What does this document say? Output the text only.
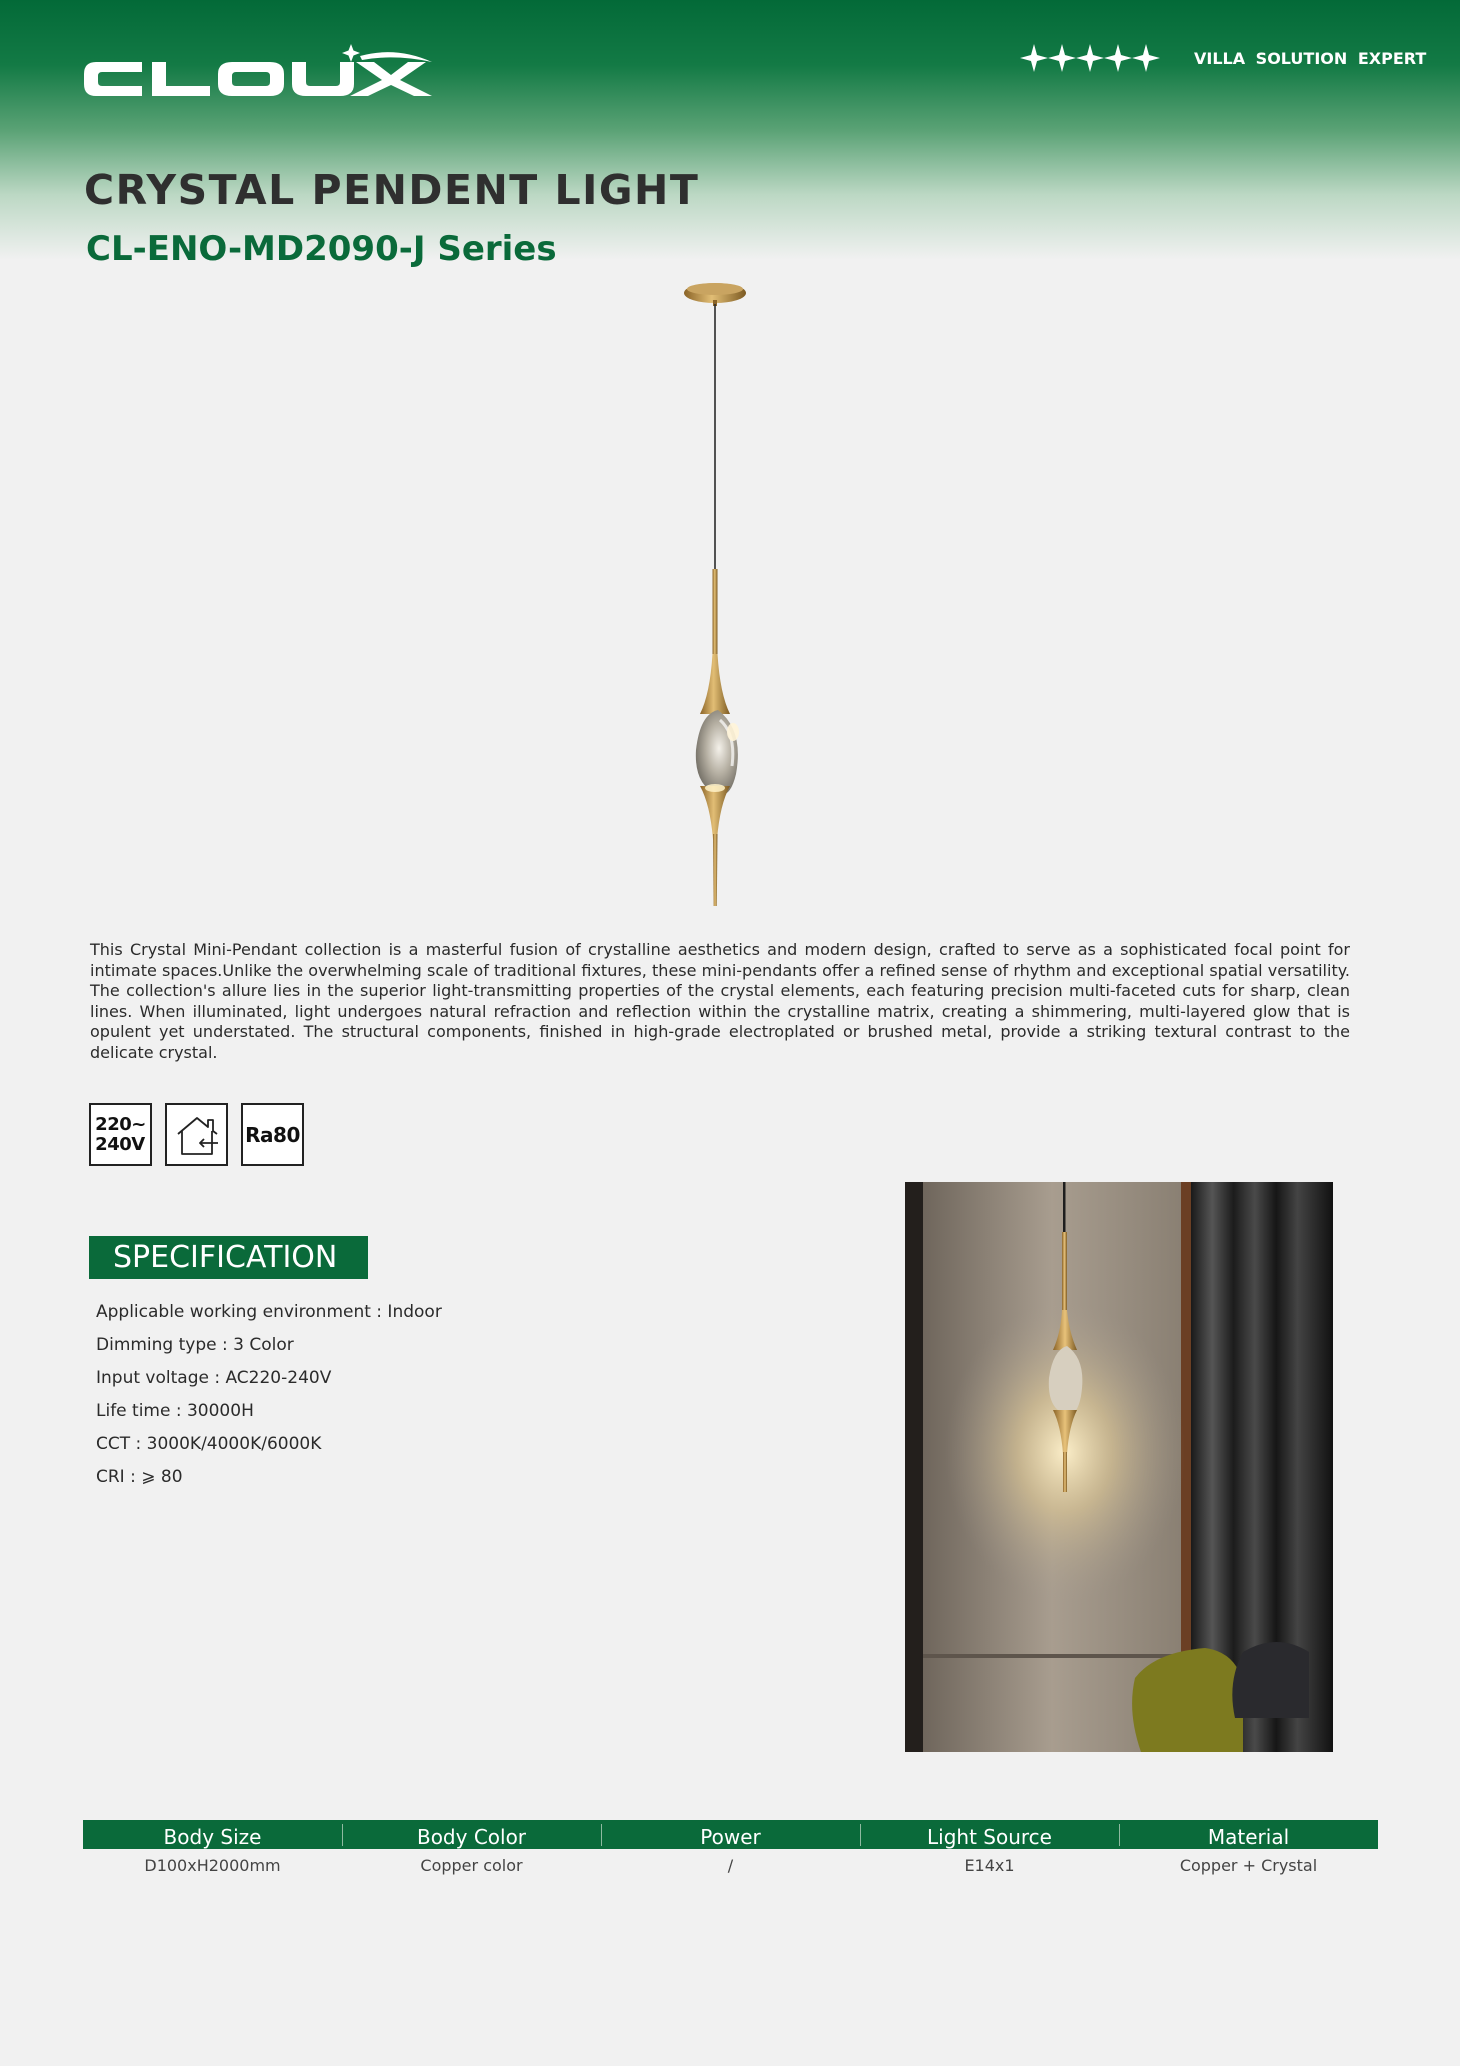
VILLA SOLUTION EXPERT
CRYSTAL PENDENT LIGHT
CL-ENO-MD2090-J Series

This Crystal Mini-Pendant collection is a masterful fusion of crystalline aesthetics and modern design, crafted to serve as a sophisticated focal point for intimate spaces.Unlike the overwhelming scale of traditional fixtures, these mini-pendants offer a refined sense of rhythm and exceptional spatial versatility. The collection's allure lies in the superior light-transmitting properties of the crystal elements, each featuring precision multi-faceted cuts for sharp, clean lines. When illuminated, light undergoes natural refraction and reflection within the crystalline matrix, creating a shimmering, multi-layered glow that is opulent yet understated. The structural components, finished in high-grade electroplated or brushed metal, provide a striking textural contrast to the delicate crystal.

220~
240V	Ra80
SPECIFICATION
Applicable working environment : Indoor
Dimming type : 3 Color
Input voltage : AC220-240V
Life time : 30000H
CCT : 3000K/4000K/6000K
CRI : ⩾ 80
Body Size	Body Color	Power	Light Source	Material
D100xH2000mm	Copper color	/	E14x1	Copper + Crystal
